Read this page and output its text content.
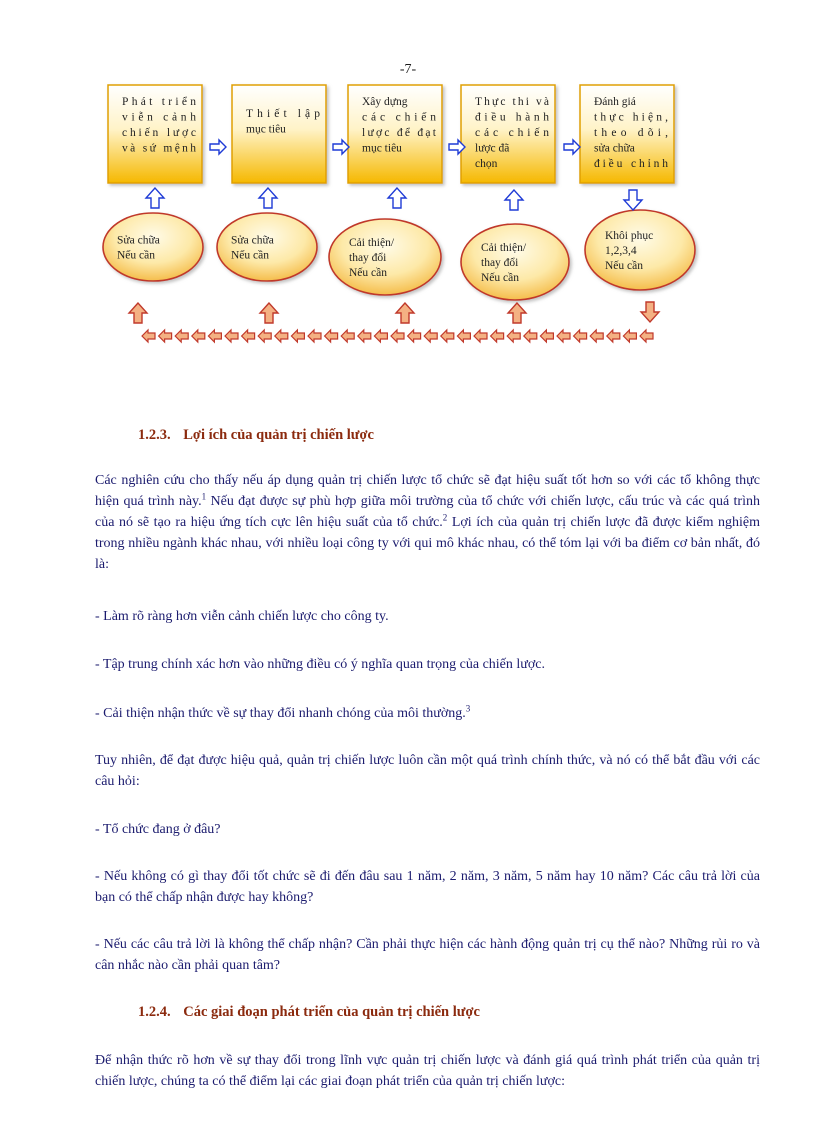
-7-
Phát triển
viễn cảnh
chiến lược
và sứ mệnh
Thiết lập
mục tiêu
Xây dựng
các chiến
lược để đạt
mục tiêu
Thực thi và
điều hành
các chiến
lược đã
chọn
Đánh giá
thực hiện,
theo dõi,
sửa chữa
điều chỉnh
Sửa chữa
Nếu cần
Sửa chữa
Nếu cần
Cải thiện/
thay đổi
Nếu cần
Cải thiện/
thay đổi
Nếu cần
Khôi phục
1,2,3,4
Nếu cần
1.2.3. Lợi ích của quản trị chiến lược

Các nghiên cứu cho thấy nếu áp dụng quản trị chiến lược tổ chức sẽ đạt hiệu suất tốt hơn so với các tổ không thực hiện quá trình này.$^1$ Nếu đạt được sự phù hợp giữa môi trường của tổ chức với chiến lược, cấu trúc và các quá trình của nó sẽ tạo ra hiệu ứng tích cực lên hiệu suất của tổ chức.$^2$ Lợi ích của quản trị chiến lược đã được kiểm nghiệm trong nhiều ngành khác nhau, với nhiều loại công ty với qui mô khác nhau, có thể tóm lại với ba điểm cơ bản nhất, đó là:

- Làm rõ ràng hơn viễn cảnh chiến lược cho công ty.

- Tập trung chính xác hơn vào những điều có ý nghĩa quan trọng của chiến lược.

- Cải thiện nhận thức về sự thay đổi nhanh chóng của môi thường.$^3$

Tuy nhiên, để đạt được hiệu quả, quản trị chiến lược luôn cần một quá trình chính thức, và nó có thể bắt đầu với các câu hỏi:

- Tổ chức đang ở đâu?

- Nếu không có gì thay đổi tốt chức sẽ đi đến đâu sau 1 năm, 2 năm, 3 năm, 5 năm hay 10 năm? Các câu trả lời của bạn có thể chấp nhận được hay không?

- Nếu các câu trả lời là không thể chấp nhận? Cần phải thực hiện các hành động quản trị cụ thể nào? Những rủi ro và cân nhắc nào cần phải quan tâm?

1.2.4. Các giai đoạn phát triển của quản trị chiến lược

Để nhận thức rõ hơn về sự thay đổi trong lĩnh vực quản trị chiến lược và đánh giá quá trình phát triển của quản trị chiến lược, chúng ta có thể điểm lại các giai đoạn phát triển của quản trị chiến lược:
